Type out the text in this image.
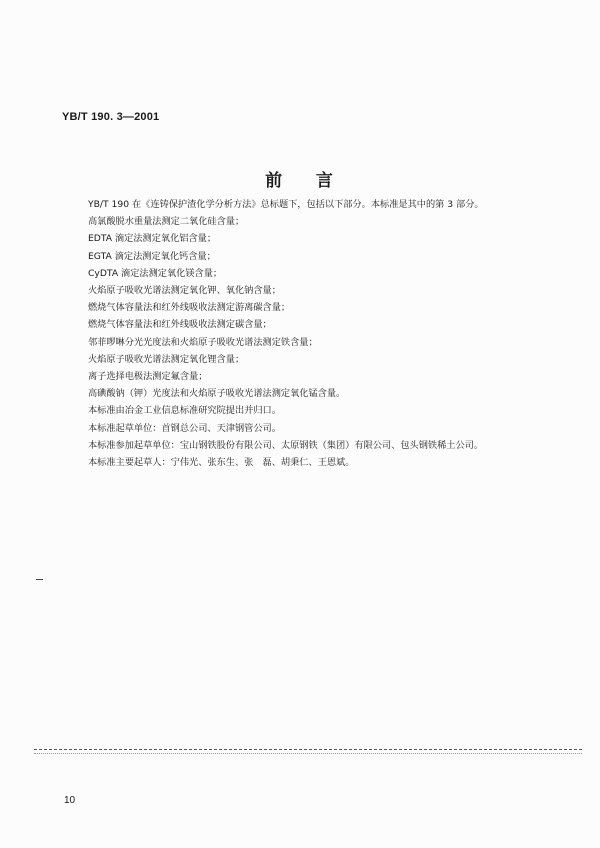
YB/T 190. 3—2001
前    言
YB/T 190 在《连铸保护渣化学分析方法》总标题下，包括以下部分。本标准是其中的第 3 部分。
高氯酸脱水重量法测定二氧化硅含量；
EDTA 滴定法测定氧化铝含量；
EGTA 滴定法测定氧化钙含量；
CyDTA 滴定法测定氧化镁含量；
火焰原子吸收光谱法测定氧化钾、氧化钠含量；
燃烧气体容量法和红外线吸收法测定游离碳含量；
燃烧气体容量法和红外线吸收法测定碳含量；
邻菲啰啉分光光度法和火焰原子吸收光谱法测定铁含量；
火焰原子吸收光谱法测定氧化锂含量；
离子选择电极法测定氟含量；
高碘酸钠（钾）光度法和火焰原子吸收光谱法测定氧化锰含量。
本标准由冶金工业信息标准研究院提出并归口。
本标准起草单位：首钢总公司、天津钢管公司。
本标准参加起草单位：宝山钢铁股份有限公司、太原钢铁（集团）有限公司、包头钢铁稀土公司。
本标准主要起草人：宁伟光、张东生、张　磊、胡秉仁、王恩斌。
10
